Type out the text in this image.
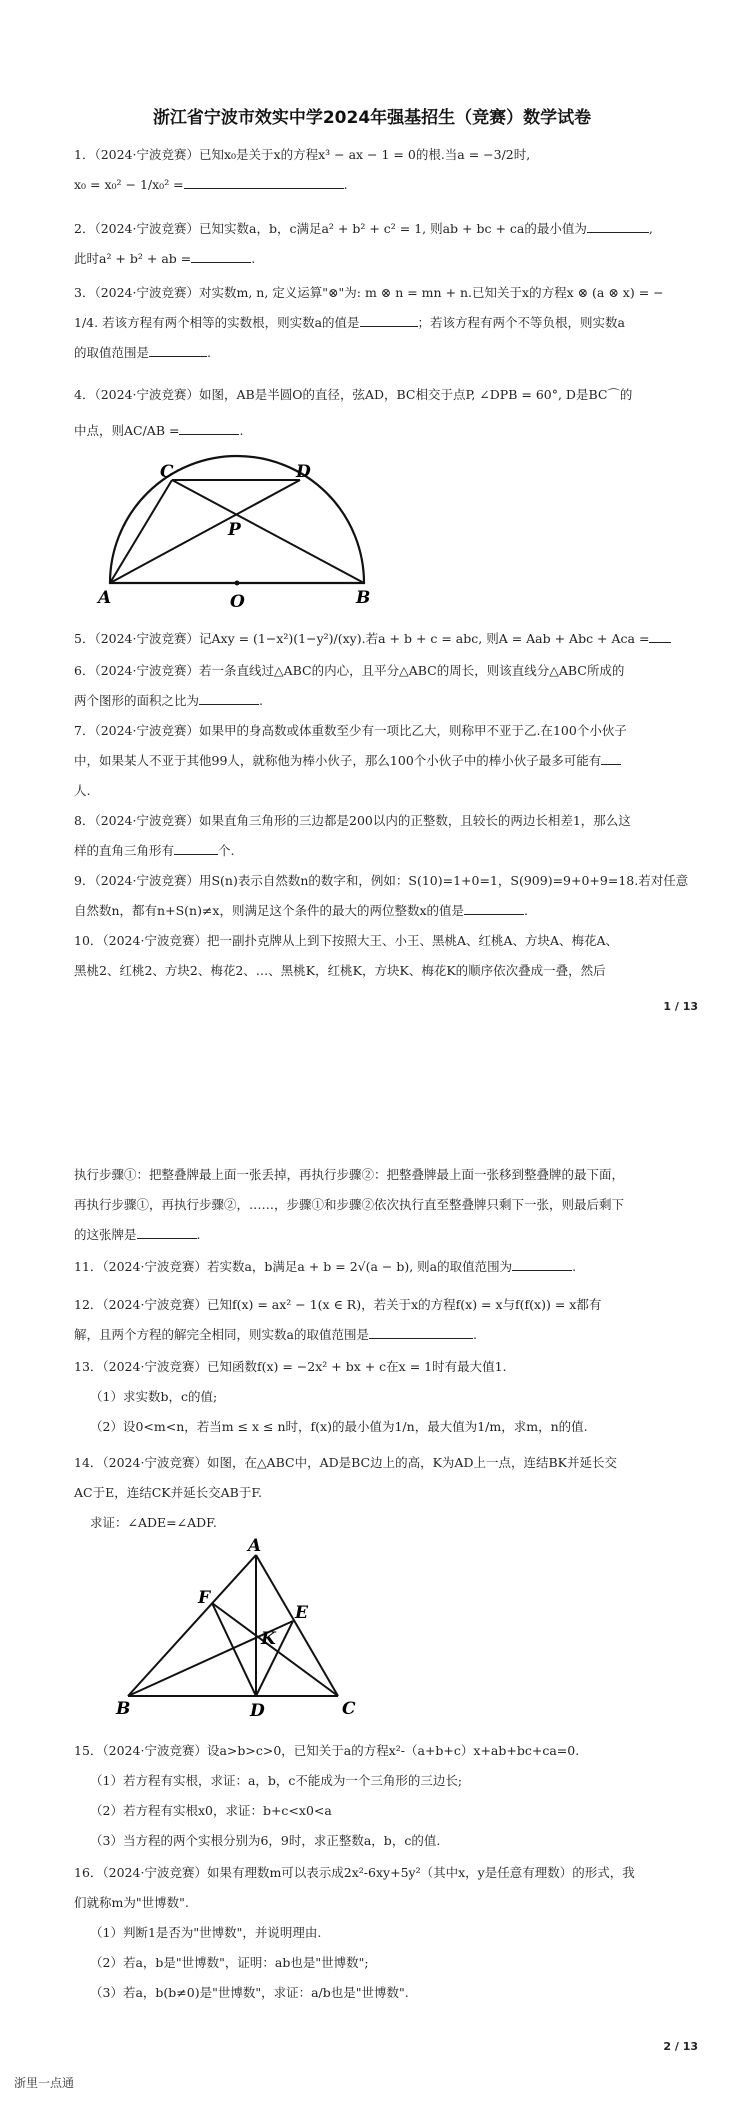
浙江省宁波市效实中学2024年强基招生（竞赛）数学试卷

1．（2024·宁波竞赛）已知x₀是关于x的方程x³ − ax − 1 = 0的根.当a = −3/2时,

x₀ = x₀² − 1/x₀² =	.

2．（2024·宁波竞赛）已知实数a，b，c满足a² + b² + c² = 1, 则ab + bc + ca的最小值为	,

此时a² + b² + ab =	.

3．（2024·宁波竞赛）对实数m, n, 定义运算"⊗"为: m ⊗ n = mn + n.已知关于x的方程x ⊗ (a ⊗ x) = −

1/4. 若该方程有两个相等的实数根，则实数a的值是	；若该方程有两个不等负根，则实数a

的取值范围是	.

4．（2024·宁波竞赛）如图，AB是半圆O的直径，弦AD，BC相交于点P, ∠DPB = 60°, D是BC⌒的

中点，则AC/AB =	.

C	D
P
A	O	B

5．（2024·宁波竞赛）记Axy = (1−x²)(1−y²)/(xy).若a + b + c = abc, 则A = Aab + Abc + Aca =

6．（2024·宁波竞赛）若一条直线过△ABC的内心，且平分△ABC的周长，则该直线分△ABC所成的

两个图形的面积之比为	.

7．（2024·宁波竞赛）如果甲的身高数或体重数至少有一项比乙大，则称甲不亚于乙.在100个小伙子

中，如果某人不亚于其他99人，就称他为棒小伙子，那么100个小伙子中的棒小伙子最多可能有

人.

8．（2024·宁波竞赛）如果直角三角形的三边都是200以内的正整数，且较长的两边长相差1，那么这

样的直角三角形有	个.

9．（2024·宁波竞赛）用S(n)表示自然数n的数字和，例如：S(10)=1+0=1，S(909)=9+0+9=18.若对任意

自然数n，都有n+S(n)≠x，则满足这个条件的最大的两位整数x的值是	.

10．（2024·宁波竞赛）把一副扑克牌从上到下按照大王、小王、黑桃A、红桃A、方块A、梅花A、

黑桃2、红桃2、方块2、梅花2、…、黑桃K，红桃K，方块K、梅花K的顺序依次叠成一叠，然后

1 / 13

执行步骤①：把整叠牌最上面一张丢掉，再执行步骤②：把整叠牌最上面一张移到整叠牌的最下面，

再执行步骤①，再执行步骤②，……，步骤①和步骤②依次执行直至整叠牌只剩下一张，则最后剩下

的这张牌是	.

11．（2024·宁波竞赛）若实数a，b满足a + b = 2√(a − b), 则a的取值范围为	.

12．（2024·宁波竞赛）已知f(x) = ax² − 1(x ∈ R)，若关于x的方程f(x) = x与f(f(x)) = x都有

解，且两个方程的解完全相同，则实数a的取值范围是	.

13．（2024·宁波竞赛）已知函数f(x) = −2x² + bx + c在x = 1时有最大值1.

（1）求实数b，c的值;

（2）设0<m<n，若当m ≤ x ≤ n时，f(x)的最小值为1/n，最大值为1/m，求m，n的值.

14．（2024·宁波竞赛）如图，在△ABC中，AD是BC边上的高，K为AD上一点，连结BK并延长交

AC于E，连结CK并延长交AB于F.

求证：∠ADE=∠ADF.

A
F
E
K
B	D	C

15．（2024·宁波竞赛）设a>b>c>0，已知关于a的方程x²-（a+b+c）x+ab+bc+ca=0.

（1）若方程有实根，求证：a，b，c不能成为一个三角形的三边长;

（2）若方程有实根x0，求证：b+c<x0<a

（3）当方程的两个实根分别为6，9时，求正整数a，b，c的值.

16．（2024·宁波竞赛）如果有理数m可以表示成2x²-6xy+5y²（其中x，y是任意有理数）的形式，我

们就称m为"世博数".

（1）判断1是否为"世博数"，并说明理由.

（2）若a，b是"世博数"，证明：ab也是"世博数";

（3）若a，b(b≠0)是"世博数"，求证：a/b也是"世博数".

2 / 13
浙里一点通
